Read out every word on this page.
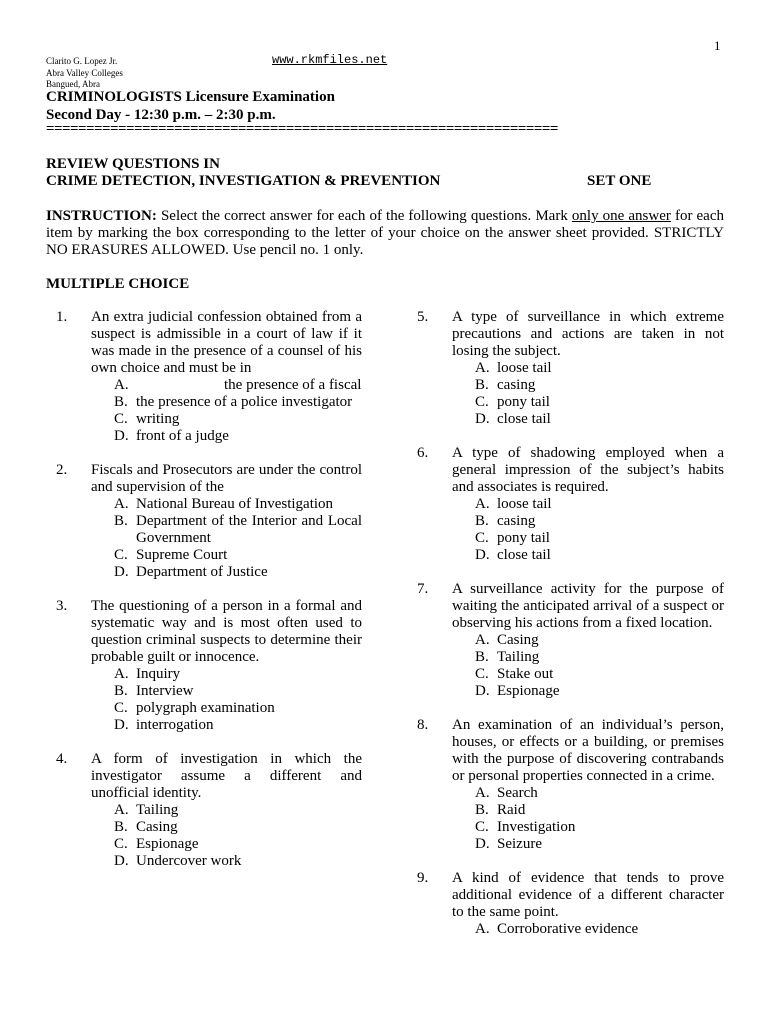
1
Clarito G. Lopez Jr.
Abra Valley Colleges
Bangued, Abra
www.rkmfiles.net
CRIMINOLOGISTS Licensure Examination
Second Day - 12:30 p.m. – 2:30 p.m.
================================================================
REVIEW QUESTIONS IN
CRIME DETECTION, INVESTIGATION & PREVENTION	SET ONE
INSTRUCTION: Select the correct answer for each of the following questions. Mark only one answer for each item by marking the box corresponding to the letter of your choice on the answer sheet provided. STRICTLY NO ERASURES ALLOWED. Use pencil no. 1 only.
MULTIPLE CHOICE
1. An extra judicial confession obtained from a suspect is admissible in a court of law if it was made in the presence of a counsel of his own choice and must be in
A.	the presence of a fiscal
B. the presence of a police investigator
C. writing
D. front of a judge
2. Fiscals and Prosecutors are under the control and supervision of the
A. National Bureau of Investigation
B. Department of the Interior and Local Government
C. Supreme Court
D. Department of Justice
3. The questioning of a person in a formal and systematic way and is most often used to question criminal suspects to determine their probable guilt or innocence.
A. Inquiry
B. Interview
C. polygraph examination
D. interrogation
4. A form of investigation in which the investigator assume a different and unofficial identity.
A. Tailing
B. Casing
C. Espionage
D. Undercover work
5. A type of surveillance in which extreme precautions and actions are taken in not losing the subject.
A. loose tail
B. casing
C. pony tail
D. close tail
6. A type of shadowing employed when a general impression of the subject’s habits and associates is required.
A. loose tail
B. casing
C. pony tail
D. close tail
7. A surveillance activity for the purpose of waiting the anticipated arrival of a suspect or observing his actions from a fixed location.
A. Casing
B. Tailing
C. Stake out
D. Espionage
8. An examination of an individual’s person, houses, or effects or a building, or premises with the purpose of discovering contrabands or personal properties connected in a crime.
A. Search
B. Raid
C. Investigation
D. Seizure
9. A kind of evidence that tends to prove additional evidence of a different character to the same point.
A. Corroborative evidence
